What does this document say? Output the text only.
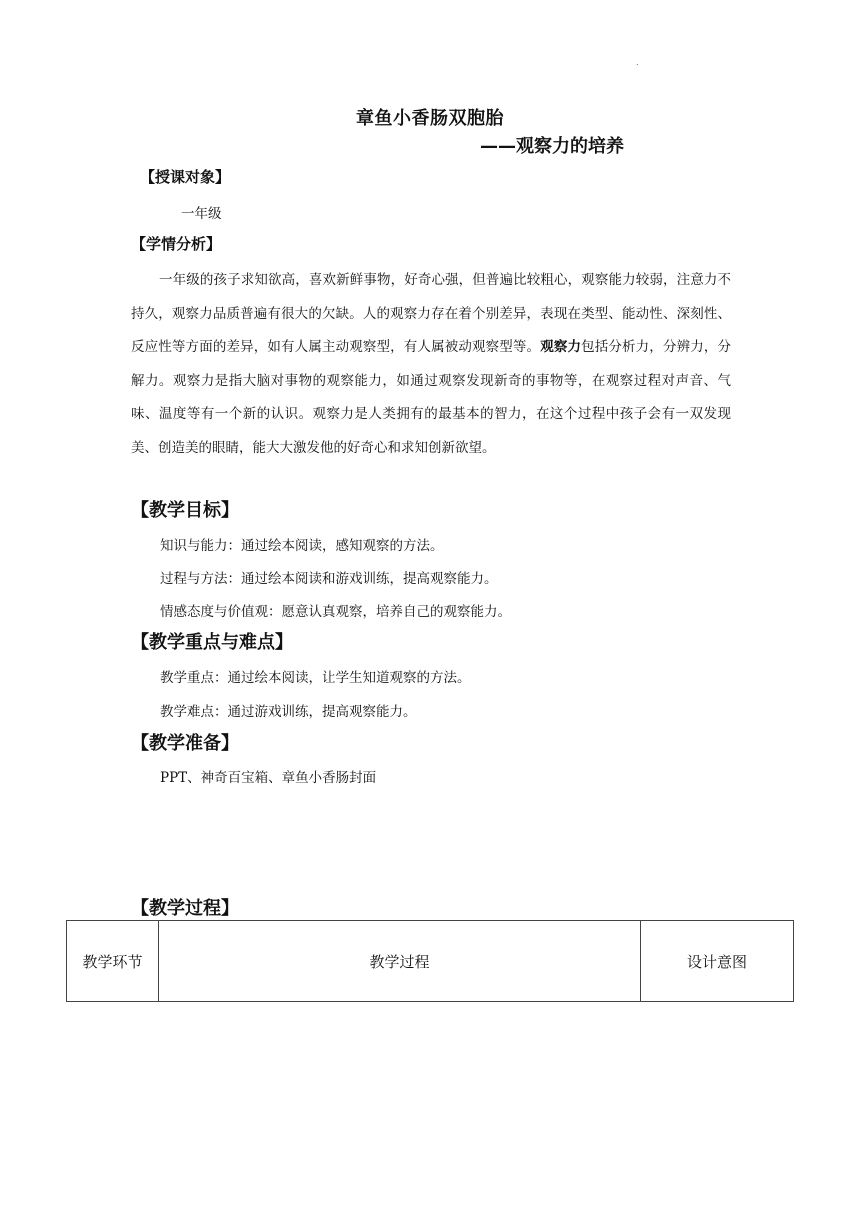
.
章鱼小香肠双胞胎
——观察力的培养
【授课对象】
一年级
【学情分析】
一年级的孩子求知欲高，喜欢新鲜事物，好奇心强，但普遍比较粗心，观察能力较弱，注意力不持久，观察力品质普遍有很大的欠缺。人的观察力存在着个别差异，表现在类型、能动性、深刻性、反应性等方面的差异，如有人属主动观察型，有人属被动观察型等。观察力包括分析力，分辨力，分解力。观察力是指大脑对事物的观察能力，如通过观察发现新奇的事物等，在观察过程对声音、气味、温度等有一个新的认识。观察力是人类拥有的最基本的智力，在这个过程中孩子会有一双发现美、创造美的眼睛，能大大激发他的好奇心和求知创新欲望。
【教学目标】
知识与能力：通过绘本阅读，感知观察的方法。
过程与方法：通过绘本阅读和游戏训练，提高观察能力。
情感态度与价值观：愿意认真观察，培养自己的观察能力。
【教学重点与难点】
教学重点：通过绘本阅读，让学生知道观察的方法。
教学难点：通过游戏训练，提高观察能力。
【教学准备】
PPT、神奇百宝箱、章鱼小香肠封面
【教学过程】
教学环节	教学过程	设计意图
